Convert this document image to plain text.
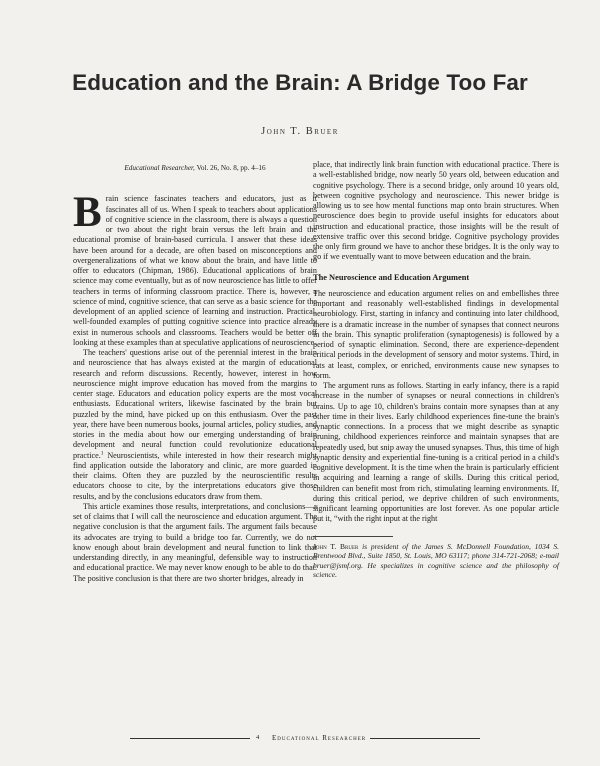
Education and the Brain: A Bridge Too Far
John T. Bruer
Educational Researcher, Vol. 26, No. 8, pp. 4–16

Brain science fascinates teachers and educators, just as it fascinates all of us. When I speak to teachers about applications of cognitive science in the classroom, there is always a question or two about the right brain versus the left brain and the educational promise of brain-based curricula. I answer that these ideas have been around for a decade, are often based on misconceptions and overgeneralizations of what we know about the brain, and have little to offer to educators (Chipman, 1986). Educational applications of brain science may come eventually, but as of now neuroscience has little to offer teachers in terms of informing classroom practice. There is, however, a science of mind, cognitive science, that can serve as a basic science for the development of an applied science of learning and instruction. Practical, well-founded examples of putting cognitive science into practice already exist in numerous schools and classrooms. Teachers would be better off looking at these examples than at speculative applications of neuroscience.

The teachers' questions arise out of the perennial interest in the brain and neuroscience that has always existed at the margin of educational research and reform discussions. Recently, however, interest in how neuroscience might improve education has moved from the margins to center stage. Educators and education policy experts are the most vocal enthusiasts. Educational writers, likewise fascinated by the brain but puzzled by the mind, have picked up on this enthusiasm. Over the past year, there have been numerous books, journal articles, policy studies, and stories in the media about how our emerging understanding of brain development and neural function could revolutionize educational practice.$^1$ Neuroscientists, while interested in how their research might find application outside the laboratory and clinic, are more guarded in their claims. Often they are puzzled by the neuroscientific results educators choose to cite, by the interpretations educators give those results, and by the conclusions educators draw from them.

This article examines those results, interpretations, and conclusions—a set of claims that I will call the neuroscience and education argument. The negative conclusion is that the argument fails. The argument fails because its advocates are trying to build a bridge too far. Currently, we do not know enough about brain development and neural function to link that understanding directly, in any meaningful, defensible way to instruction and educational practice. We may never know enough to be able to do that. The positive conclusion is that there are two shorter bridges, already in

place, that indirectly link brain function with educational practice. There is a well-established bridge, now nearly 50 years old, between education and cognitive psychology. There is a second bridge, only around 10 years old, between cognitive psychology and neuroscience. This newer bridge is allowing us to see how mental functions map onto brain structures. When neuroscience does begin to provide useful insights for educators about instruction and educational practice, those insights will be the result of extensive traffic over this second bridge. Cognitive psychology provides the only firm ground we have to anchor these bridges. It is the only way to go if we eventually want to move between education and the brain.

The Neuroscience and Education Argument

The neuroscience and education argument relies on and embellishes three important and reasonably well-established findings in developmental neurobiology. First, starting in infancy and continuing into later childhood, there is a dramatic increase in the number of synapses that connect neurons in the brain. This synaptic proliferation (synaptogenesis) is followed by a period of synaptic elimination. Second, there are experience-dependent critical periods in the development of sensory and motor systems. Third, in rats at least, complex, or enriched, environments cause new synapses to form.

The argument runs as follows. Starting in early infancy, there is a rapid increase in the number of synapses or neural connections in children's brains. Up to age 10, children's brains contain more synapses than at any other time in their lives. Early childhood experiences fine-tune the brain's synaptic connections. In a process that we might describe as synaptic pruning, childhood experiences reinforce and maintain synapses that are repeatedly used, but snip away the unused synapses. Thus, this time of high synaptic density and experiential fine-tuning is a critical period in a child's cognitive development. It is the time when the brain is particularly efficient in acquiring and learning a range of skills. During this critical period, children can benefit most from rich, stimulating learning environments. If, during this critical period, we deprive children of such environments, significant learning opportunities are lost forever. As one popular article put it, “with the right input at the right

John T. Bruer is president of the James S. McDonnell Foundation, 1034 S. Brentwood Blvd., Suite 1850, St. Louis, MO 63117; phone 314-721-2068; e-mail bruer@jsmf.org. He specializes in cognitive science and the philosophy of science.

4 Educational Researcher
